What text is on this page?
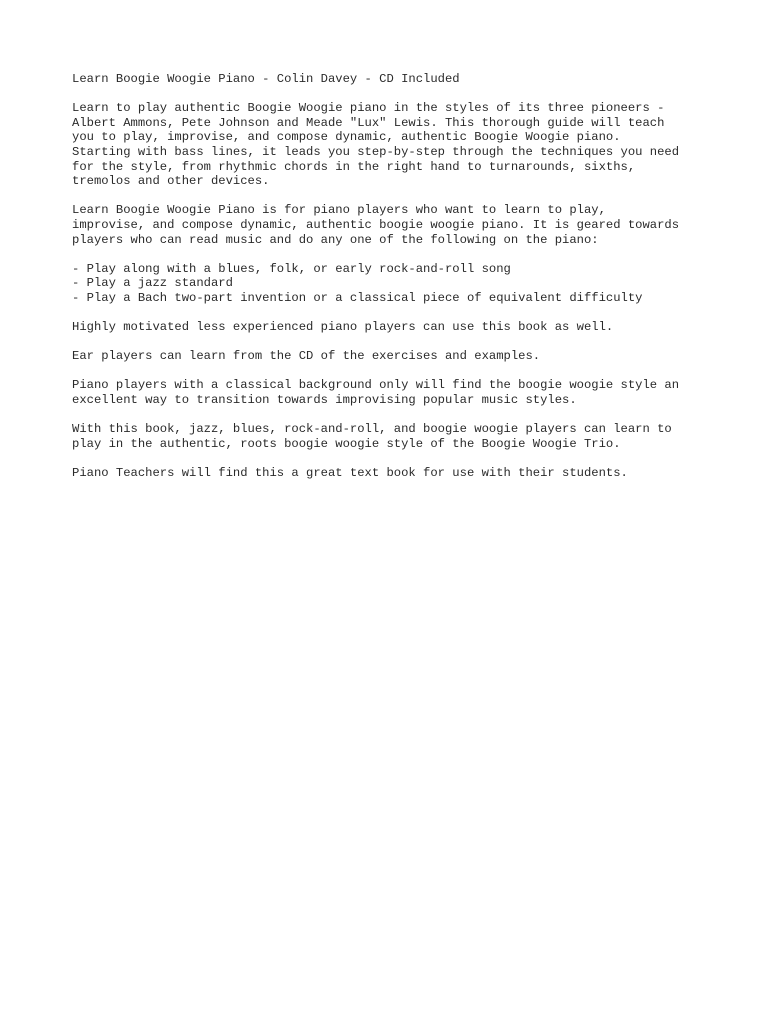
Learn Boogie Woogie Piano - Colin Davey - CD Included
Learn to play authentic Boogie Woogie piano in the styles of its three pioneers -
Albert Ammons, Pete Johnson and Meade "Lux" Lewis. This thorough guide will teach
you to play, improvise, and compose dynamic, authentic Boogie Woogie piano.
Starting with bass lines, it leads you step-by-step through the techniques you need
for the style, from rhythmic chords in the right hand to turnarounds, sixths,
tremolos and other devices.
Learn Boogie Woogie Piano is for piano players who want to learn to play,
improvise, and compose dynamic, authentic boogie woogie piano. It is geared towards
players who can read music and do any one of the following on the piano:
- Play along with a blues, folk, or early rock-and-roll song
- Play a jazz standard
- Play a Bach two-part invention or a classical piece of equivalent difficulty
Highly motivated less experienced piano players can use this book as well.
Ear players can learn from the CD of the exercises and examples.
Piano players with a classical background only will find the boogie woogie style an
excellent way to transition towards improvising popular music styles.
With this book, jazz, blues, rock-and-roll, and boogie woogie players can learn to
play in the authentic, roots boogie woogie style of the Boogie Woogie Trio.
Piano Teachers will find this a great text book for use with their students.
